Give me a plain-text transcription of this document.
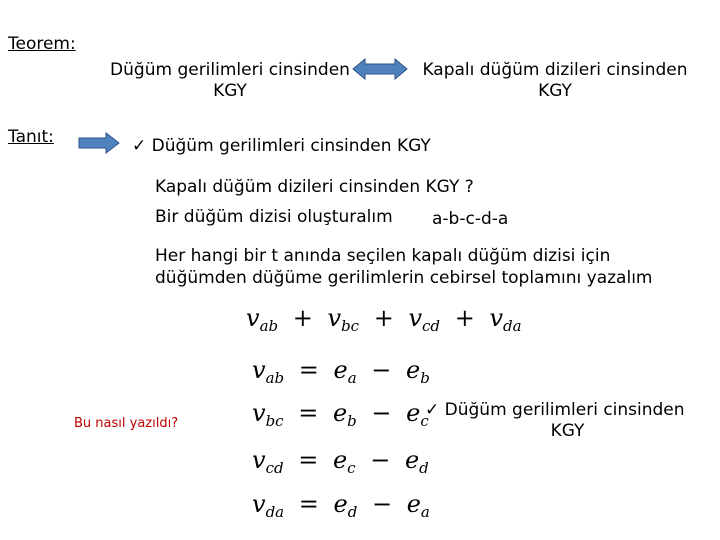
Teorem:
Tanıt:
Düğüm gerilimleri cinsinden
KGY
Kapalı düğüm dizileri cinsinden
KGY
✓ Düğüm gerilimleri cinsinden KGY
Kapalı düğüm dizileri cinsinden KGY ?
Bir düğüm dizisi oluşturalım a-b-c-d-a
Her hangi bir t anında seçilen kapalı düğüm dizisi için
düğümden düğüme gerilimlerin cebirsel toplamını yazalım
$v_{ab} + v_{bc} + v_{cd} + v_{da}$
$v_{ab} = e_a - e_b$
$v_{bc} = e_b - e_c$
$v_{cd} = e_c - e_d$
$v_{da} = e_d - e_a$
Bu nasıl yazıldı?
✓ Düğüm gerilimleri cinsinden
KGY
